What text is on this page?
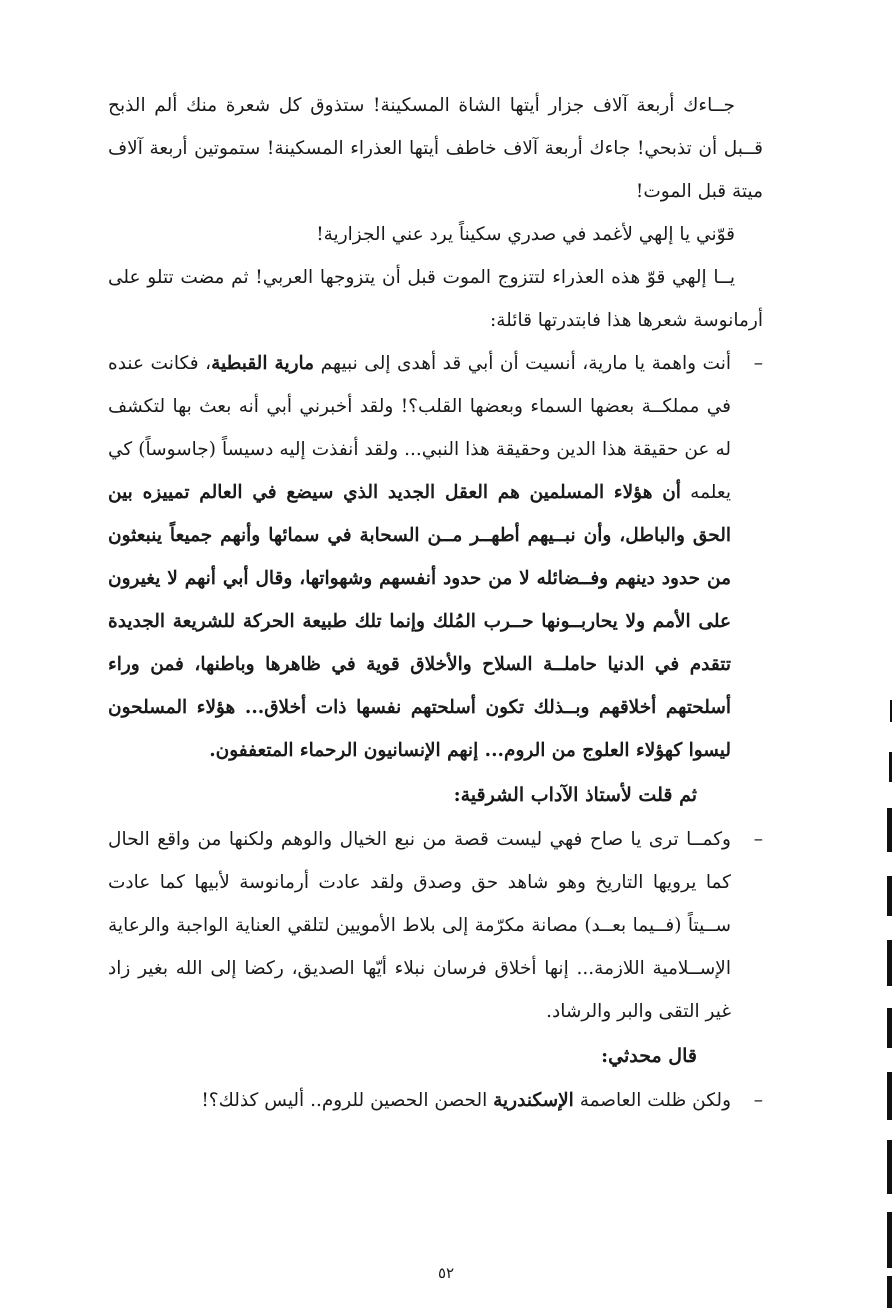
جــاءك أربعة آلاف جزار أيتها الشاة المسكينة! ستذوق كل شعرة منك ألم الذبح قــبل أن تذبحي! جاءك أربعة آلاف خاطف أيتها العذراء المسكينة! ستموتين أربعة آلاف ميتة قبل الموت!

قوّني يا إلهي لأغمد في صدري سكيناً يرد عني الجزارية!

يــا إلهي قوّ هذه العذراء لتتزوج الموت قبل أن يتزوجها العربي! ثم مضت تتلو على أرمانوسة شعرها هذا فابتدرتها قائلة:

–

أنت واهمة يا مارية، أنسيت أن أبي قد أهدى إلى نبيهم مارية القبطية، فكانت عنده في مملكــة بعضها السماء وبعضها القلب؟! ولقد أخبرني أبي أنه بعث بها لتكشف له عن حقيقة هذا الدين وحقيقة هذا النبي... ولقد أنفذت إليه دسيساً (جاسوساً) كي يعلمه أن هؤلاء المسلمين هم العقل الجديد الذي سيضع في العالم تمييزه بين الحق والباطل، وأن نبــيهم أطهــر مــن السحابة في سمائها وأنهم جميعاً ينبعثون من حدود دينهم وفــضائله لا من حدود أنفسهم وشهواتها، وقال أبي أنهم لا يغيرون على الأمم ولا يحاربــونها حــرب المُلك وإنما تلك طبيعة الحركة للشريعة الجديدة تتقدم في الدنيا حاملــة السلاح والأخلاق قوية في ظاهرها وباطنها، فمن وراء أسلحتهم أخلاقهم وبــذلك تكون أسلحتهم نفسها ذات أخلاق... هؤلاء المسلحون ليسوا كهؤلاء العلوج من الروم... إنهم الإنسانيون الرحماء المتعففون.

ثم قلت لأستاذ الآداب الشرقية:

–

وكمــا ترى يا صاح فهي ليست قصة من نبع الخيال والوهم ولكنها من واقع الحال كما يرويها التاريخ وهو شاهد حق وصدق ولقد عادت أرمانوسة لأبيها كما عادت ســيتاً (فــيما بعــد) مصانة مكرّمة إلى بلاط الأمويين لتلقي العناية الواجبة والرعاية الإســلامية اللازمة... إنها أخلاق فرسان نبلاء أيّها الصديق، ركضا إلى الله بغير زاد غير التقى والبر والرشاد.

قال محدثي:

–

ولكن ظلت العاصمة الإسكندرية الحصن الحصين للروم.. أليس كذلك؟!

٥٢
